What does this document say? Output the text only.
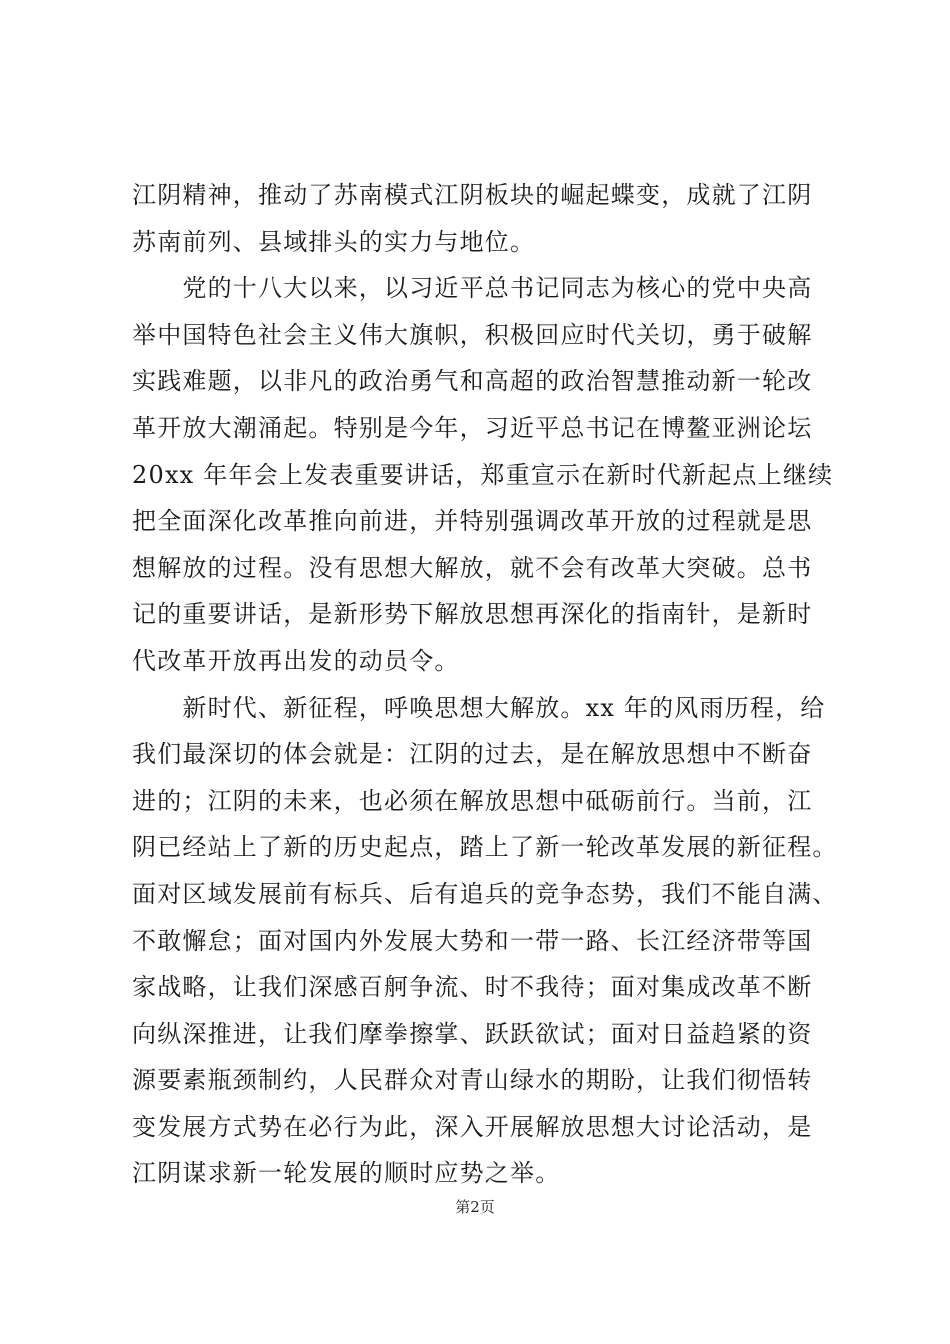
江阴精神，推动了苏南模式江阴板块的崛起蝶变，成就了江阴
苏南前列、县域排头的实力与地位。
　　党的十八大以来，以习近平总书记同志为核心的党中央高
举中国特色社会主义伟大旗帜，积极回应时代关切，勇于破解
实践难题，以非凡的政治勇气和高超的政治智慧推动新一轮改
革开放大潮涌起。特别是今年，习近平总书记在博鳌亚洲论坛
20xx 年年会上发表重要讲话，郑重宣示在新时代新起点上继续
把全面深化改革推向前进，并特别强调改革开放的过程就是思
想解放的过程。没有思想大解放，就不会有改革大突破。总书
记的重要讲话，是新形势下解放思想再深化的指南针，是新时
代改革开放再出发的动员令。
　　新时代、新征程，呼唤思想大解放。xx 年的风雨历程，给
我们最深切的体会就是：江阴的过去，是在解放思想中不断奋
进的；江阴的未来，也必须在解放思想中砥砺前行。当前，江
阴已经站上了新的历史起点，踏上了新一轮改革发展的新征程。
面对区域发展前有标兵、后有追兵的竞争态势，我们不能自满、
不敢懈怠；面对国内外发展大势和一带一路、长江经济带等国
家战略，让我们深感百舸争流、时不我待；面对集成改革不断
向纵深推进，让我们摩拳擦掌、跃跃欲试；面对日益趋紧的资
源要素瓶颈制约，人民群众对青山绿水的期盼，让我们彻悟转
变发展方式势在必行为此，深入开展解放思想大讨论活动，是
江阴谋求新一轮发展的顺时应势之举。
第2页
